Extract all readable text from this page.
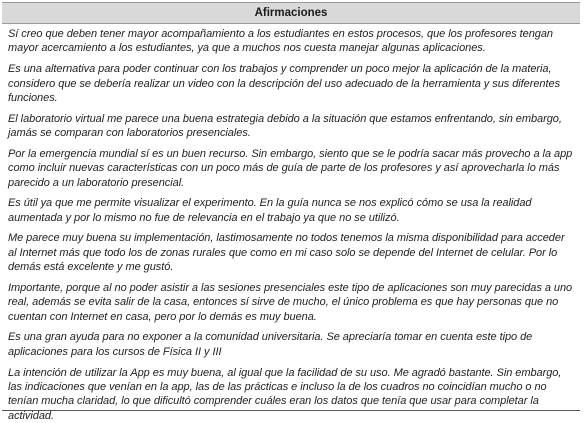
Afirmaciones

Sí creo que deben tener mayor acompañamiento a los estudiantes en estos procesos, que los profesores tengan mayor acercamiento a los estudiantes, ya que a muchos nos cuesta manejar algunas aplicaciones.

Es una alternativa para poder continuar con los trabajos y comprender un poco mejor la aplicación de la materia, considero que se debería realizar un video con la descripción del uso adecuado de la herramienta y sus diferentes funciones.

El laboratorio virtual me parece una buena estrategia debido a la situación que estamos enfrentando, sin embargo, jamás se comparan con laboratorios presenciales.

Por la emergencia mundial sí es un buen recurso. Sin embargo, siento que se le podría sacar más provecho a la app como incluir nuevas características con un poco más de guía de parte de los profesores y así aprovecharla lo más parecido a un laboratorio presencial.

Es útil ya que me permite visualizar el experimento. En la guía nunca se nos explicó cómo se usa la realidad aumentada y por lo mismo no fue de relevancia en el trabajo ya que no se utilizó.

Me parece muy buena su implementación, lastimosamente no todos tenemos la misma disponibilidad para acceder al Internet más que todo los de zonas rurales que como en mi caso solo se depende del Internet de celular. Por lo demás está excelente y me gustó.

Importante, porque al no poder asistir a las sesiones presenciales este tipo de aplicaciones son muy parecidas a uno real, además se evita salir de la casa, entonces sí sirve de mucho, el único problema es que hay personas que no cuentan con Internet en casa, pero por lo demás es muy buena.

Es una gran ayuda para no exponer a la comunidad universitaria. Se apreciaría tomar en cuenta este tipo de aplicaciones para los cursos de Física II y III

La intención de utilizar la App es muy buena, al igual que la facilidad de su uso. Me agradó bastante. Sin embargo, las indicaciones que venían en la app, las de las prácticas e incluso la de los cuadros no coincidían mucho o no tenían mucha claridad, lo que dificultó comprender cuáles eran los datos que tenía que usar para completar la actividad.
